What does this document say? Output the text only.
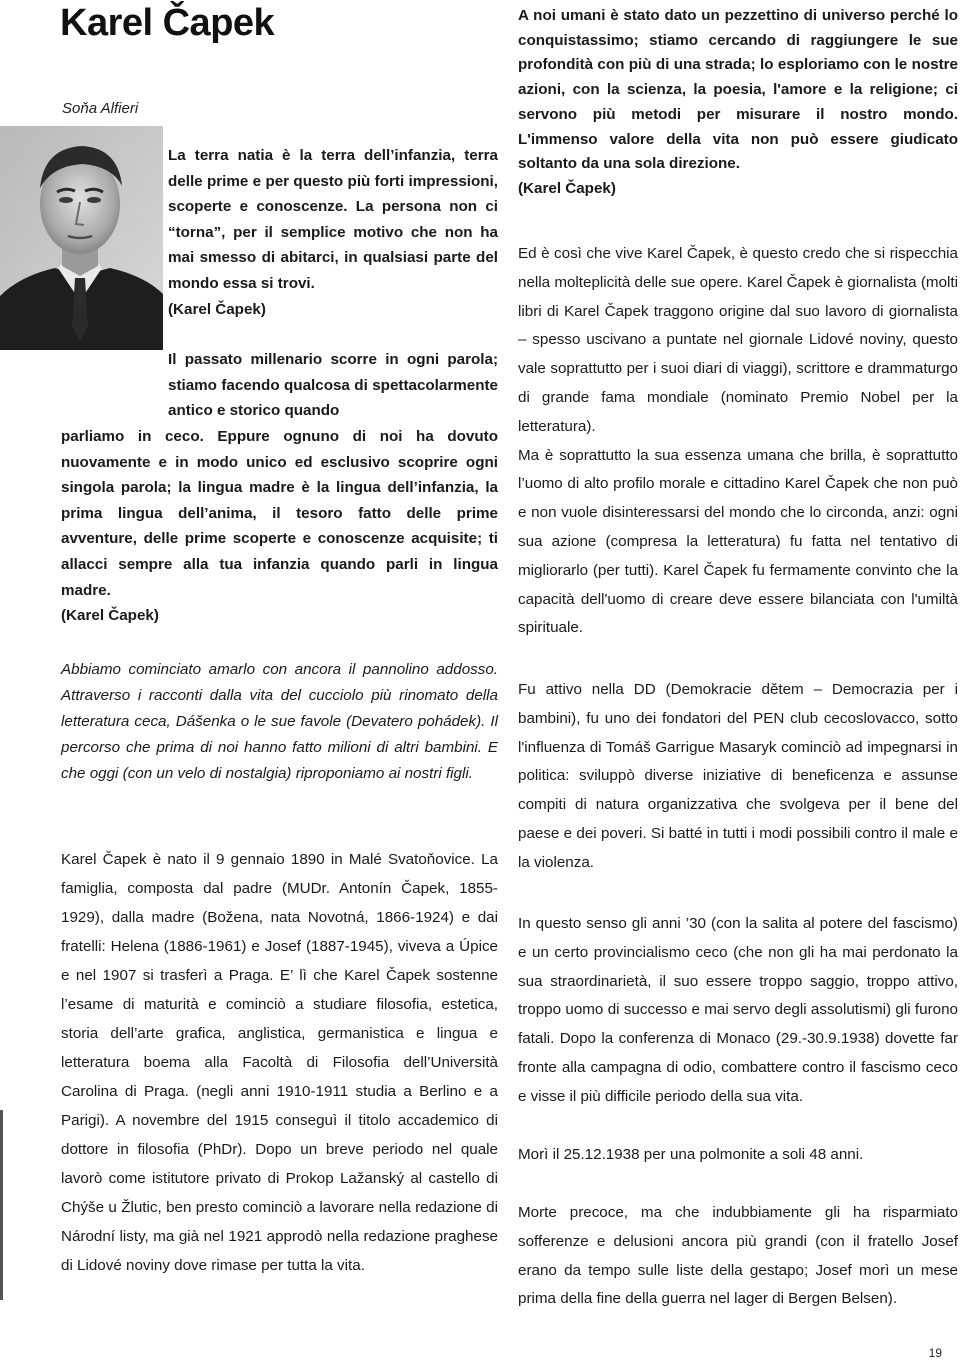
Karel Čapek
Soňa Alfieri

La terra natia è la terra dell’infanzia, terra delle prime e per questo più forti impressioni, scoperte e conoscenze. La persona non ci “torna”, per il semplice motivo che non ha mai smesso di abitarci, in qualsiasi parte del mondo essa si trovi.
(Karel Čapek)

Il passato millenario scorre in ogni parola; stiamo facendo qualcosa di spettacolarmente antico e storico quando

parliamo in ceco. Eppure ognuno di noi ha dovuto nuovamente e in modo unico ed esclusivo scoprire ogni singola parola; la lingua madre è la lingua dell’infanzia, la prima lingua dell’anima, il tesoro fatto delle prime avventure, delle prime scoperte e conoscenze acquisite; ti allacci sempre alla tua infanzia quando parli in lingua madre.
(Karel Čapek)

Abbiamo cominciato amarlo con ancora il pannolino addosso. Attraverso i racconti dalla vita del cucciolo più rinomato della letteratura ceca, Dášenka o le sue favole (Devatero pohádek). Il percorso che prima di noi hanno fatto milioni di altri bambini. E che oggi (con un velo di nostalgia) riproponiamo ai nostri figli.

Karel Čapek è nato il 9 gennaio 1890 in Malé Svatoňovice. La famiglia, composta dal padre (MUDr. Antonín Čapek, 1855-1929), dalla madre (Božena, nata Novotná, 1866-1924) e dai fratelli: Helena (1886-1961) e Josef (1887-1945), viveva a Úpice e nel 1907 si trasferì a Praga. E’ lì che Karel Čapek sostenne l’esame di maturità e cominciò a studiare filosofia, estetica, storia dell’arte grafica, anglistica, germanistica e lingua e letteratura boema alla Facoltà di Filosofia dell’Università Carolina di Praga. (negli anni 1910-1911 studia a Berlino e a Parigi). A novembre del 1915 conseguì il titolo accademico di dottore in filosofia (PhDr). Dopo un breve periodo nel quale lavorò come istitutore privato di Prokop Lažanský al castello di Chýše u Žlutic, ben presto cominciò a lavorare nella redazione di Národní listy, ma già nel 1921 approdò nella redazione praghese di Lidové noviny dove rimase per tutta la vita.

A noi umani è stato dato un pezzettino di universo perché lo conquistassimo; stiamo cercando di raggiungere le sue profondità con più di una strada; lo esploriamo con le nostre azioni, con la scienza, la poesia, l'amore e la religione; ci servono più metodi per misurare il nostro mondo. L'immenso valore della vita non può essere giudicato soltanto da una sola direzione.
(Karel Čapek)

Ed è così che vive Karel Čapek, è questo credo che si rispecchia nella molteplicità delle sue opere. Karel Čapek è giornalista (molti libri di Karel Čapek traggono origine dal suo lavoro di giornalista – spesso uscivano a puntate nel giornale Lidové noviny, questo vale soprattutto per i suoi diari di viaggi), scrittore e drammaturgo di grande fama mondiale (nominato Premio Nobel per la letteratura).
Ma è soprattutto la sua essenza umana che brilla, è soprattutto l’uomo di alto profilo morale e cittadino Karel Čapek che non può e non vuole disinteressarsi del mondo che lo circonda, anzi: ogni sua azione (compresa la letteratura) fu fatta nel tentativo di migliorarlo (per tutti). Karel Čapek fu fermamente convinto che la capacità dell'uomo di creare deve essere bilanciata con l'umiltà spirituale.

Fu attivo nella DD (Demokracie dětem – Democrazia per i bambini), fu uno dei fondatori del PEN club cecoslovacco, sotto l'influenza di Tomáš Garrigue Masaryk cominciò ad impegnarsi in politica: sviluppò diverse iniziative di beneficenza e assunse compiti di natura organizzativa che svolgeva per il bene del paese e dei poveri. Si batté in tutti i modi possibili contro il male e la violenza.

In questo senso gli anni ’30 (con la salita al potere del fascismo) e un certo provincialismo ceco (che non gli ha mai perdonato la sua straordinarietà, il suo essere troppo saggio, troppo attivo, troppo uomo di successo e mai servo degli assolutismi) gli furono fatali. Dopo la conferenza di Monaco (29.-30.9.1938) dovette far fronte alla campagna di odio, combattere contro il fascismo ceco e visse il più difficile periodo della sua vita.

Morì il 25.12.1938 per una polmonite a soli 48 anni.

Morte precoce, ma che indubbiamente gli ha risparmiato sofferenze e delusioni ancora più grandi (con il fratello Josef erano da tempo sulle liste della gestapo; Josef morì un mese prima della fine della guerra nel lager di Bergen Belsen).

19
